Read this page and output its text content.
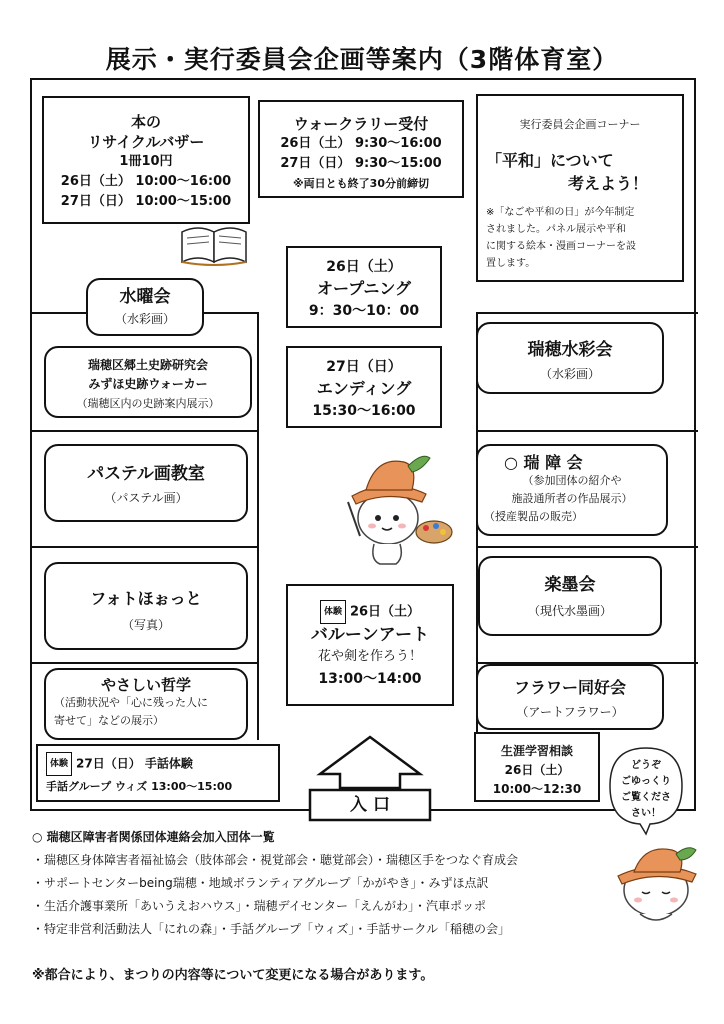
展示・実行委員会企画等案内（3階体育室）
本の
リサイクルバザー
1冊10円
26日（土） 10:00～16:00
27日（日） 10:00～15:00
ウォークラリー受付
26日（土） 9:30～16:00
27日（日） 9:30～15:00
※両日とも終了30分前締切
実行委員会企画コーナー
「平和」について
考えよう！
※「なごや平和の日」が今年制定
されました。パネル展示や平和
に関する絵本・漫画コーナーを設
置します。
26日（土）
オープニング
9：30～10：00
27日（日）
エンディング
15:30～16:00
水曜会
（水彩画）
瑞穂区郷土史跡研究会
みずほ史跡ウォーカー
（瑞穂区内の史跡案内展示）
パステル画教室
（パステル画）
フォトほぉっと
（写真）
やさしい哲学
（活動状況や「心に残った人に
寄せて」などの展示）
体験 27日（日） 手話体験
手話グループ ウィズ 13:00～15:00
瑞穂水彩会
（水彩画）
○ 瑞 障 会
（参加団体の紹介や
施設通所者の作品展示）
（授産製品の販売）
楽墨会
（現代水墨画）
フラワー同好会
（アートフラワー）
生涯学習相談
26日（土）
10:00～12:30
体験 26日（土）
バルーンアート
花や剣を作ろう！
13:00～14:00
入 口
どうぞ
ごゆっくり
ご覧くださ
さい！
○ 瑞穂区障害者関係団体連絡会加入団体一覧
・瑞穂区身体障害者福祉協会（肢体部会・視覚部会・聴覚部会）・瑞穂区手をつなぐ育成会
・サポートセンターbeing瑞穂・地域ボランティアグループ「かがやき」・みずほ点訳
・生活介護事業所「あいうえおハウス」・瑞穂デイセンター「えんがわ」・汽車ポッポ
・特定非営利活動法人「にれの森」・手話グループ「ウィズ」・手話サークル「稲穂の会」
※都合により、まつりの内容等について変更になる場合があります。
